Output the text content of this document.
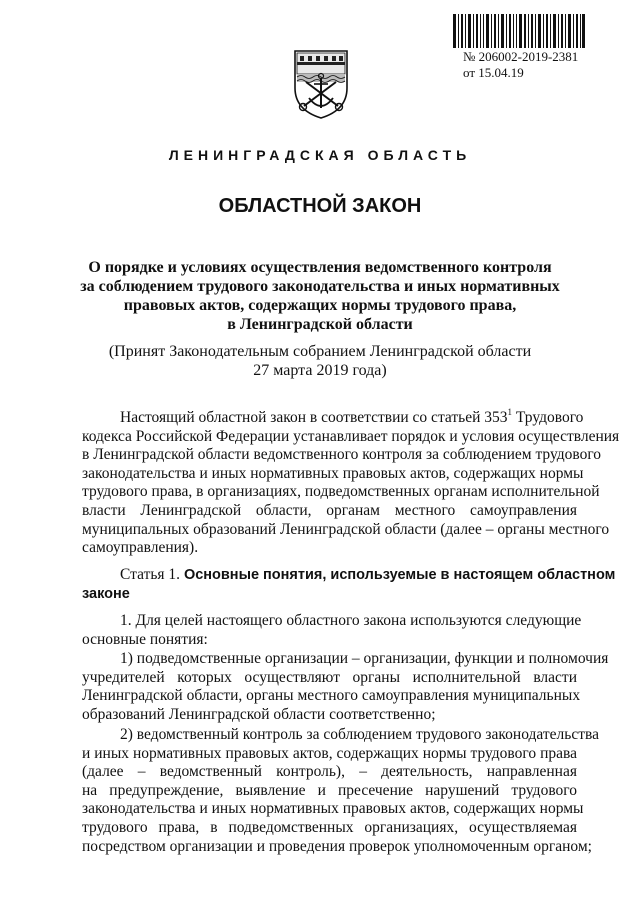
№ 206002-2019-2381
от 15.04.19
ЛЕНИНГРАДСКАЯ ОБЛАСТЬ
ОБЛАСТНОЙ ЗАКОН
О порядке и условиях осуществления ведомственного контроля
за соблюдением трудового законодательства и иных нормативных
правовых актов, содержащих нормы трудового права,
в Ленинградской области
(Принят Законодательным собранием Ленинградской области
27 марта 2019 года)
Настоящий областной закон в соответствии со статьей $353^1$ Трудового
кодекса Российской Федерации устанавливает порядок и условия осуществления
в Ленинградской области ведомственного контроля за соблюдением трудового
законодательства и иных нормативных правовых актов, содержащих нормы
трудового права, в организациях, подведомственных органам исполнительной
власти Ленинградской области, органам местного самоуправления
муниципальных образований Ленинградской области (далее – органы местного
самоуправления).
Статья 1. Основные понятия, используемые в настоящем областном
законе
1. Для целей настоящего областного закона используются следующие
основные понятия:
1) подведомственные организации – организации, функции и полномочия
учредителей которых осуществляют органы исполнительной власти
Ленинградской области, органы местного самоуправления муниципальных
образований Ленинградской области соответственно;
2) ведомственный контроль за соблюдением трудового законодательства
и иных нормативных правовых актов, содержащих нормы трудового права
(далее – ведомственный контроль), – деятельность, направленная
на предупреждение, выявление и пресечение нарушений трудового
законодательства и иных нормативных правовых актов, содержащих нормы
трудового права, в подведомственных организациях, осуществляемая
посредством организации и проведения проверок уполномоченным органом;
